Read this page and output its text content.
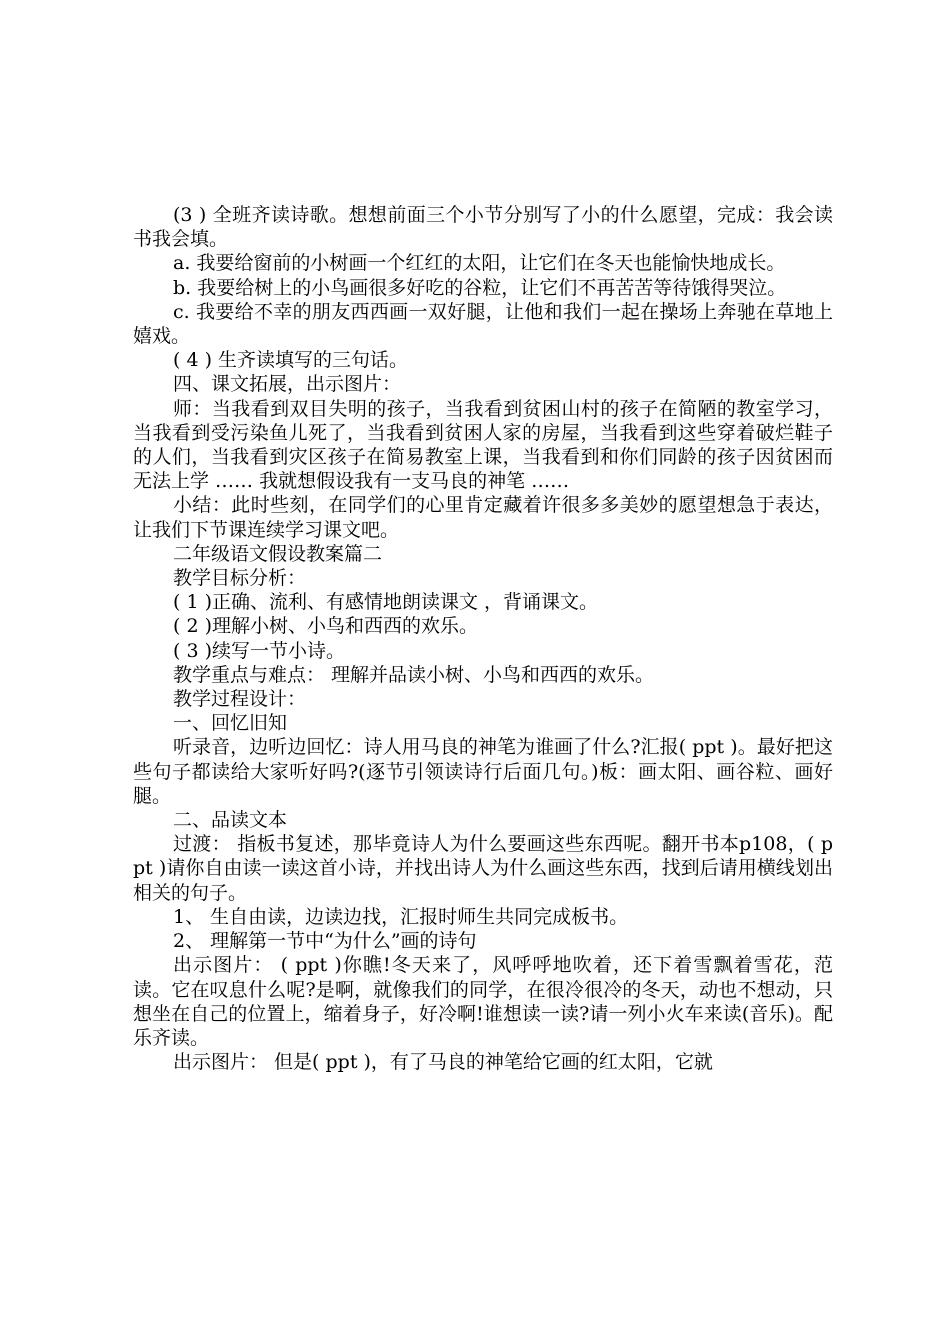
(3 ) 全班齐读诗歌。想想前面三个小节分别写了小的什么愿望，完成：我会读书我会填。

a. 我要给窗前的小树画一个红红的太阳，让它们在冬天也能愉快地成长。

b. 我要给树上的小鸟画很多好吃的谷粒，让它们不再苦苦等待饿得哭泣。

c. 我要给不幸的朋友西西画一双好腿，让他和我们一起在操场上奔驰在草地上嬉戏。

( 4 ) 生齐读填写的三句话。

四、课文拓展，出示图片：

师：当我看到双目失明的孩子，当我看到贫困山村的孩子在简陋的教室学习，当我看到受污染鱼儿死了，当我看到贫困人家的房屋，当我看到这些穿着破烂鞋子的人们，当我看到灾区孩子在简易教室上课，当我看到和你们同龄的孩子因贫困而无法上学 …… 我就想假设我有一支马良的神笔 ……

小结：此时些刻，在同学们的心里肯定藏着许很多多美妙的愿望想急于表达，让我们下节课连续学习课文吧。

二年级语文假设教案篇二

教学目标分析：

( 1 )正确、流利、有感情地朗读课文 ，背诵课文。

( 2 )理解小树、小鸟和西西的欢乐。

( 3 )续写一节小诗。

教学重点与难点： 理解并品读小树、小鸟和西西的欢乐。

教学过程设计：

一、回忆旧知

听录音，边听边回忆：诗人用马良的神笔为谁画了什么?汇报( ppt )。最好把这些句子都读给大家听好吗?(逐节引领读诗行后面几句。)板：画太阳、画谷粒、画好腿。

二、品读文本

过渡： 指板书复述，那毕竟诗人为什么要画这些东西呢。翻开书本p108，( ppt )请你自由读一读这首小诗，并找出诗人为什么画这些东西，找到后请用横线划出相关的句子。

1、 生自由读，边读边找，汇报时师生共同完成板书。

2、 理解第一节中“为什么”画的诗句

出示图片： ( ppt )你瞧!冬天来了，风呼呼地吹着，还下着雪飘着雪花，范读。它在叹息什么呢?是啊，就像我们的同学，在很冷很冷的冬天，动也不想动，只想坐在自己的位置上，缩着身子，好冷啊!谁想读一读?请一列小火车来读(音乐)。配乐齐读。

出示图片： 但是( ppt )，有了马良的神笔给它画的红太阳，它就
